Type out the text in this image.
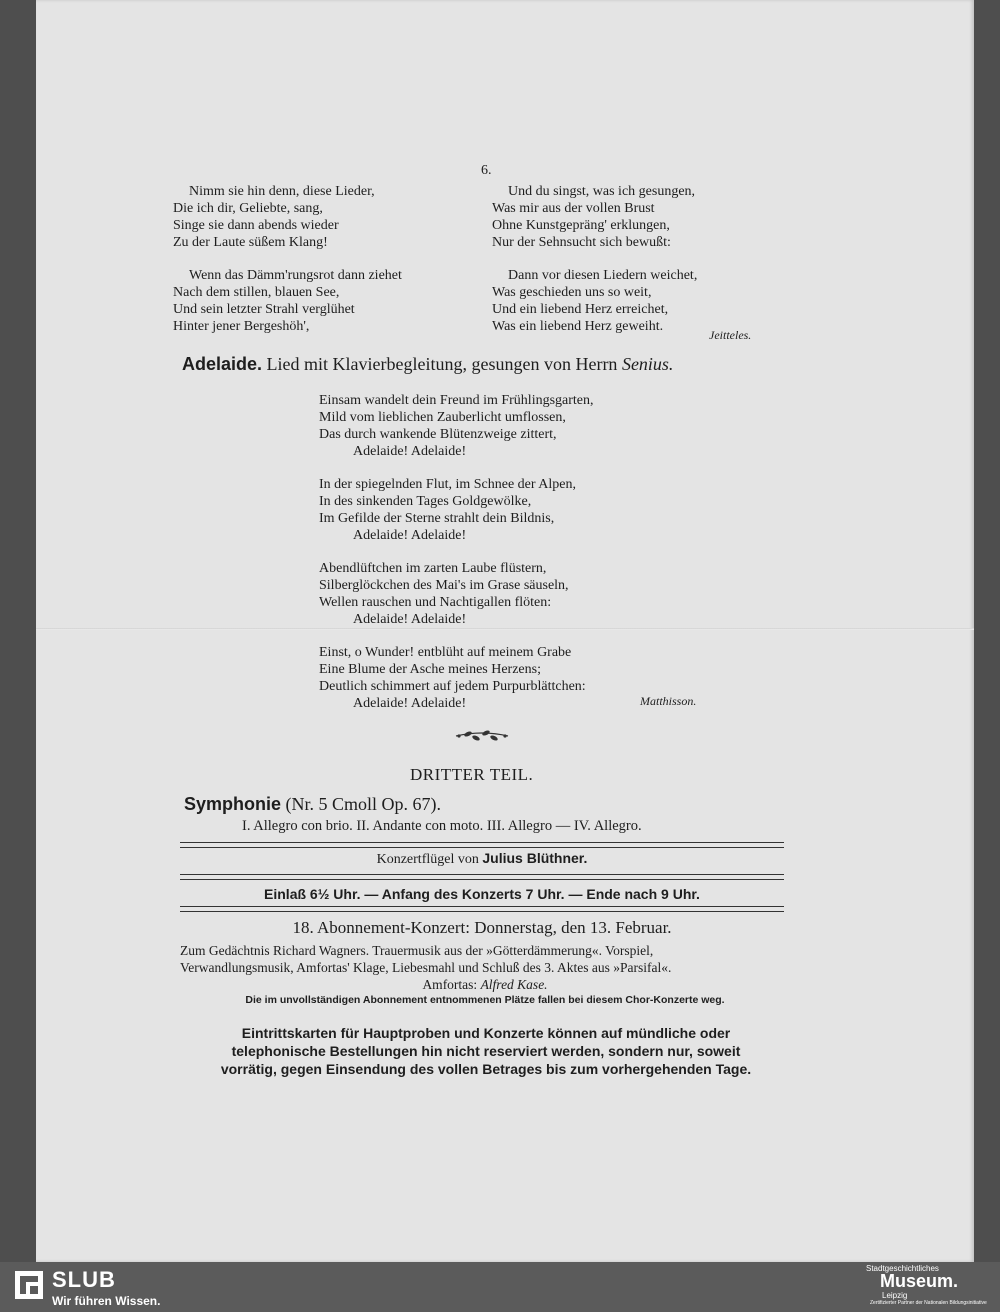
6.
Nimm sie hin denn, diese Lieder,
Die ich dir, Geliebte, sang,
Singe sie dann abends wieder
Zu der Laute süßem Klang!
Wenn das Dämm'rungsrot dann ziehet
Nach dem stillen, blauen See,
Und sein letzter Strahl verglühet
Hinter jener Bergeshöh',
Und du singst, was ich gesungen,
Was mir aus der vollen Brust
Ohne Kunstgepräng' erklungen,
Nur der Sehnsucht sich bewußt:
Dann vor diesen Liedern weichet,
Was geschieden uns so weit,
Und ein liebend Herz erreichet,
Was ein liebend Herz geweiht.
Jeitteles.
Adelaide. Lied mit Klavierbegleitung, gesungen von Herrn Senius.
Einsam wandelt dein Freund im Frühlingsgarten,
Mild vom lieblichen Zauberlicht umflossen,
Das durch wankende Blütenzweige zittert,
Adelaide! Adelaide!
In der spiegelnden Flut, im Schnee der Alpen,
In des sinkenden Tages Goldgewölke,
Im Gefilde der Sterne strahlt dein Bildnis,
Adelaide! Adelaide!
Abendlüftchen im zarten Laube flüstern,
Silberglöckchen des Mai's im Grase säuseln,
Wellen rauschen und Nachtigallen flöten:
Adelaide! Adelaide!
Einst, o Wunder! entblüht auf meinem Grabe
Eine Blume der Asche meines Herzens;
Deutlich schimmert auf jedem Purpurblättchen:
Adelaide! Adelaide!	Matthisson.
DRITTER TEIL.
Symphonie (Nr. 5 Cmoll Op. 67).
I. Allegro con brio. II. Andante con moto. III. Allegro — IV. Allegro.
Konzertflügel von Julius Blüthner.
Einlaß 6½ Uhr. — Anfang des Konzerts 7 Uhr. — Ende nach 9 Uhr.
18. Abonnement-Konzert: Donnerstag, den 13. Februar.
Zum Gedächtnis Richard Wagners. Trauermusik aus der »Götterdämmerung«. Vorspiel,
Verwandlungsmusik, Amfortas' Klage, Liebesmahl und Schluß des 3. Aktes aus »Parsifal«.
Amfortas: Alfred Kase.
Die im unvollständigen Abonnement entnommenen Plätze fallen bei diesem Chor-Konzerte weg.
Eintrittskarten für Hauptproben und Konzerte können auf mündliche oder
telephonische Bestellungen hin nicht reserviert werden, sondern nur, soweit
vorrätig, gegen Einsendung des vollen Betrages bis zum vorhergehenden Tage.
SLUB
Wir führen Wissen.
Stadtgeschichtliches
Museum.
Leipzig
Zertifizierter Partner der Nationalen Bildungsinitiative
